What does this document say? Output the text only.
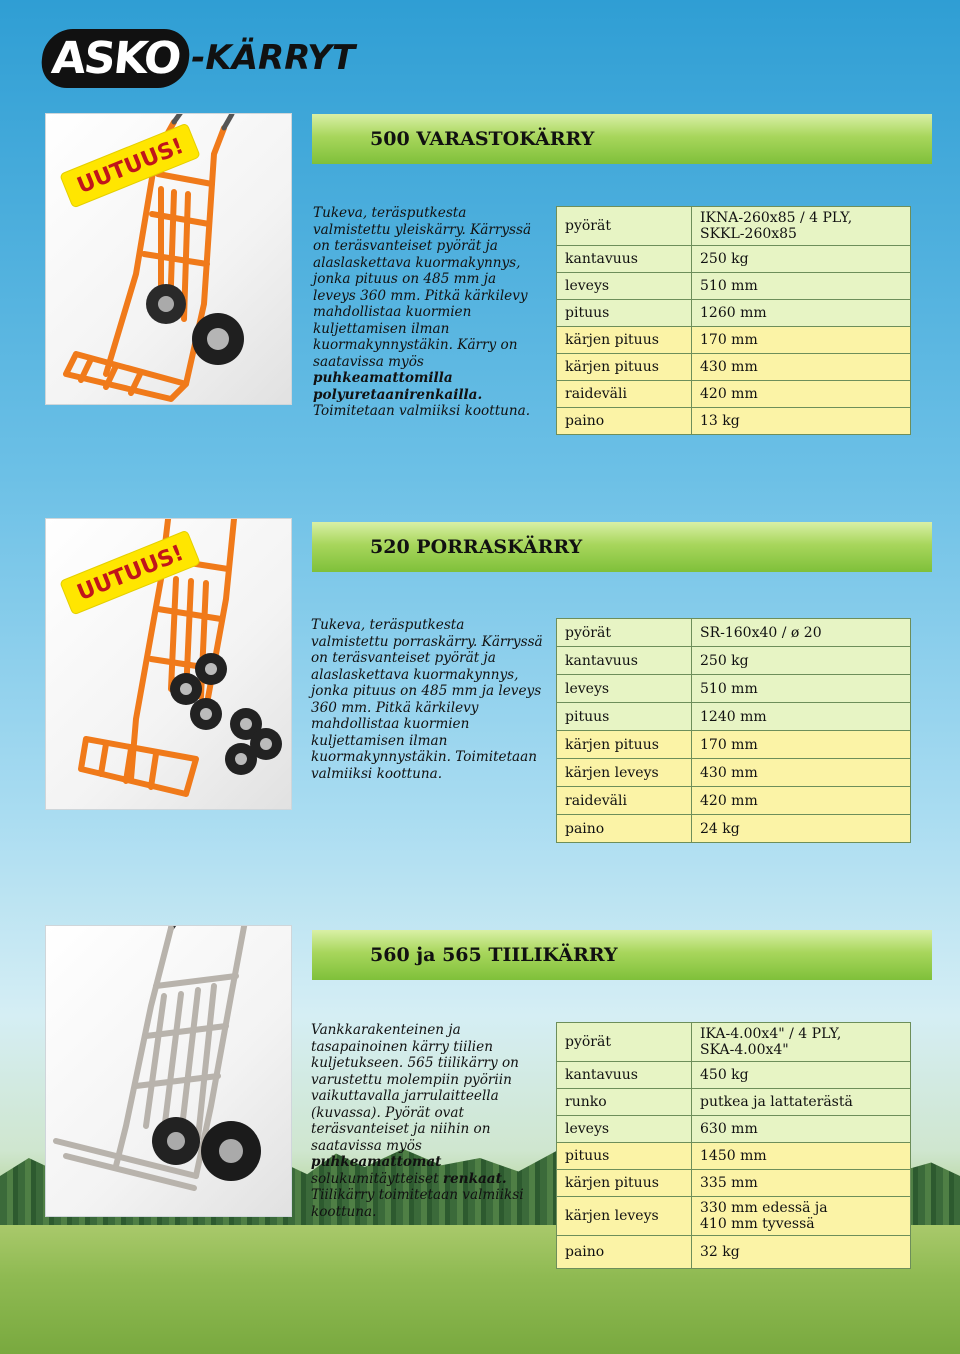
ASKO -KÄRRYT
UUTUUS!	500 VARASTOKÄRRY
Tukeva, teräsputkesta valmistettu yleiskärry. Kärryssä on teräsvanteiset pyörät ja alaslaskettava kuormakynnys, jonka pituus on 485 mm ja leveys 360 mm. Pitkä kärkilevy mahdollistaa kuormien kuljettamisen ilman kuormakynnystäkin. Kärry on saatavissa myös puhkeamattomilla polyuretaanirenkailla. Toimitetaan valmiiksi koottuna.
pyörät	IKNA-260x85 / 4 PLY,
SKKL-260x85
kantavuus	250 kg
leveys	510 mm
pituus	1260 mm
kärjen pituus	170 mm
kärjen pituus	430 mm
raideväli	420 mm
paino	13 kg
UUTUUS!	520 PORRASKÄRRY
Tukeva, teräsputkesta valmistettu porraskärry. Kärryssä on teräsvanteiset pyörät ja alaslaskettava kuormakynnys, jonka pituus on 485 mm ja leveys 360 mm. Pitkä kärkilevy mahdollistaa kuormien kuljettamisen ilman kuormakynnystäkin. Toimitetaan valmiiksi koottuna.
pyörät	SR-160x40 / ø 20
kantavuus	250 kg
leveys	510 mm
pituus	1240 mm
kärjen pituus	170 mm
kärjen leveys	430 mm
raideväli	420 mm
paino	24 kg
560 ja 565 TIILIKÄRRY
Vankkarakenteinen ja tasapainoinen kärry tiilien kuljetukseen. 565 tiilikärry on varustettu molempiin pyöriin vaikuttavalla jarrulaitteella (kuvassa). Pyörät ovat teräsvanteiset ja niihin on saatavissa myös puhkeamattomat solukumitäytteiset renkaat. Tiilikärry toimitetaan valmiiksi koottuna.
pyörät	IKA-4.00x4" / 4 PLY,
SKA-4.00x4"
kantavuus	450 kg
runko	putkea ja lattaterästä
leveys	630 mm
pituus	1450 mm
kärjen pituus	335 mm
kärjen leveys	330 mm edessä ja
410 mm tyvessä
paino	32 kg
